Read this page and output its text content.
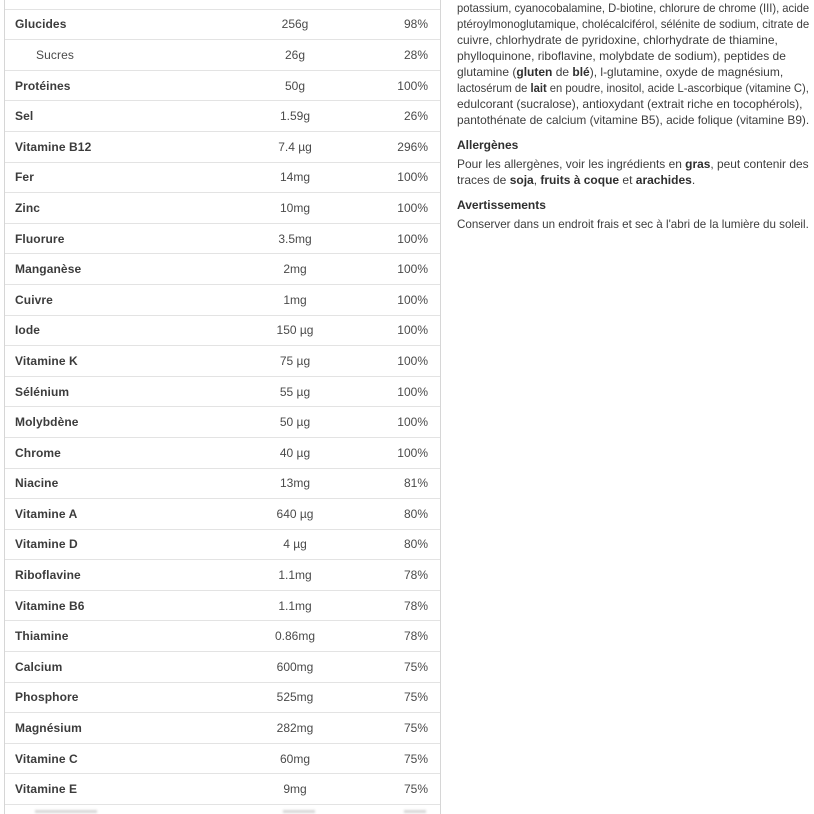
Glucides	256g	98%
Sucres	26g	28%
Protéines	50g	100%
Sel	1.59g	26%
Vitamine B12	7.4 µg	296%
Fer	14mg	100%
Zinc	10mg	100%
Fluorure	3.5mg	100%
Manganèse	2mg	100%
Cuivre	1mg	100%
Iode	150 µg	100%
Vitamine K	75 µg	100%
Sélénium	55 µg	100%
Molybdène	50 µg	100%
Chrome	40 µg	100%
Niacine	13mg	81%
Vitamine A	640 µg	80%
Vitamine D	4 µg	80%
Riboflavine	1.1mg	78%
Vitamine B6	1.1mg	78%
Thiamine	0.86mg	78%
Calcium	600mg	75%
Phosphore	525mg	75%
Magnésium	282mg	75%
Vitamine C	60mg	75%
Vitamine E	9mg	75%
potassium, cyanocobalamine, D-biotine, chlorure de chrome (III), acide
ptéroylmonoglutamique, cholécalciférol, sélénite de sodium, citrate de
cuivre, chlorhydrate de pyridoxine, chlorhydrate de thiamine,
phylloquinone, riboflavine, molybdate de sodium), peptides de
glutamine (gluten de blé), l-glutamine, oxyde de magnésium,
lactosérum de lait en poudre, inositol, acide L-ascorbique (vitamine C),
edulcorant (sucralose), antioxydant (extrait riche en tocophérols),
pantothénate de calcium (vitamine B5), acide folique (vitamine B9).
Allergènes
Pour les allergènes, voir les ingrédients en gras, peut contenir des
traces de soja, fruits à coque et arachides.
Avertissements
Conserver dans un endroit frais et sec à l'abri de la lumière du soleil.
